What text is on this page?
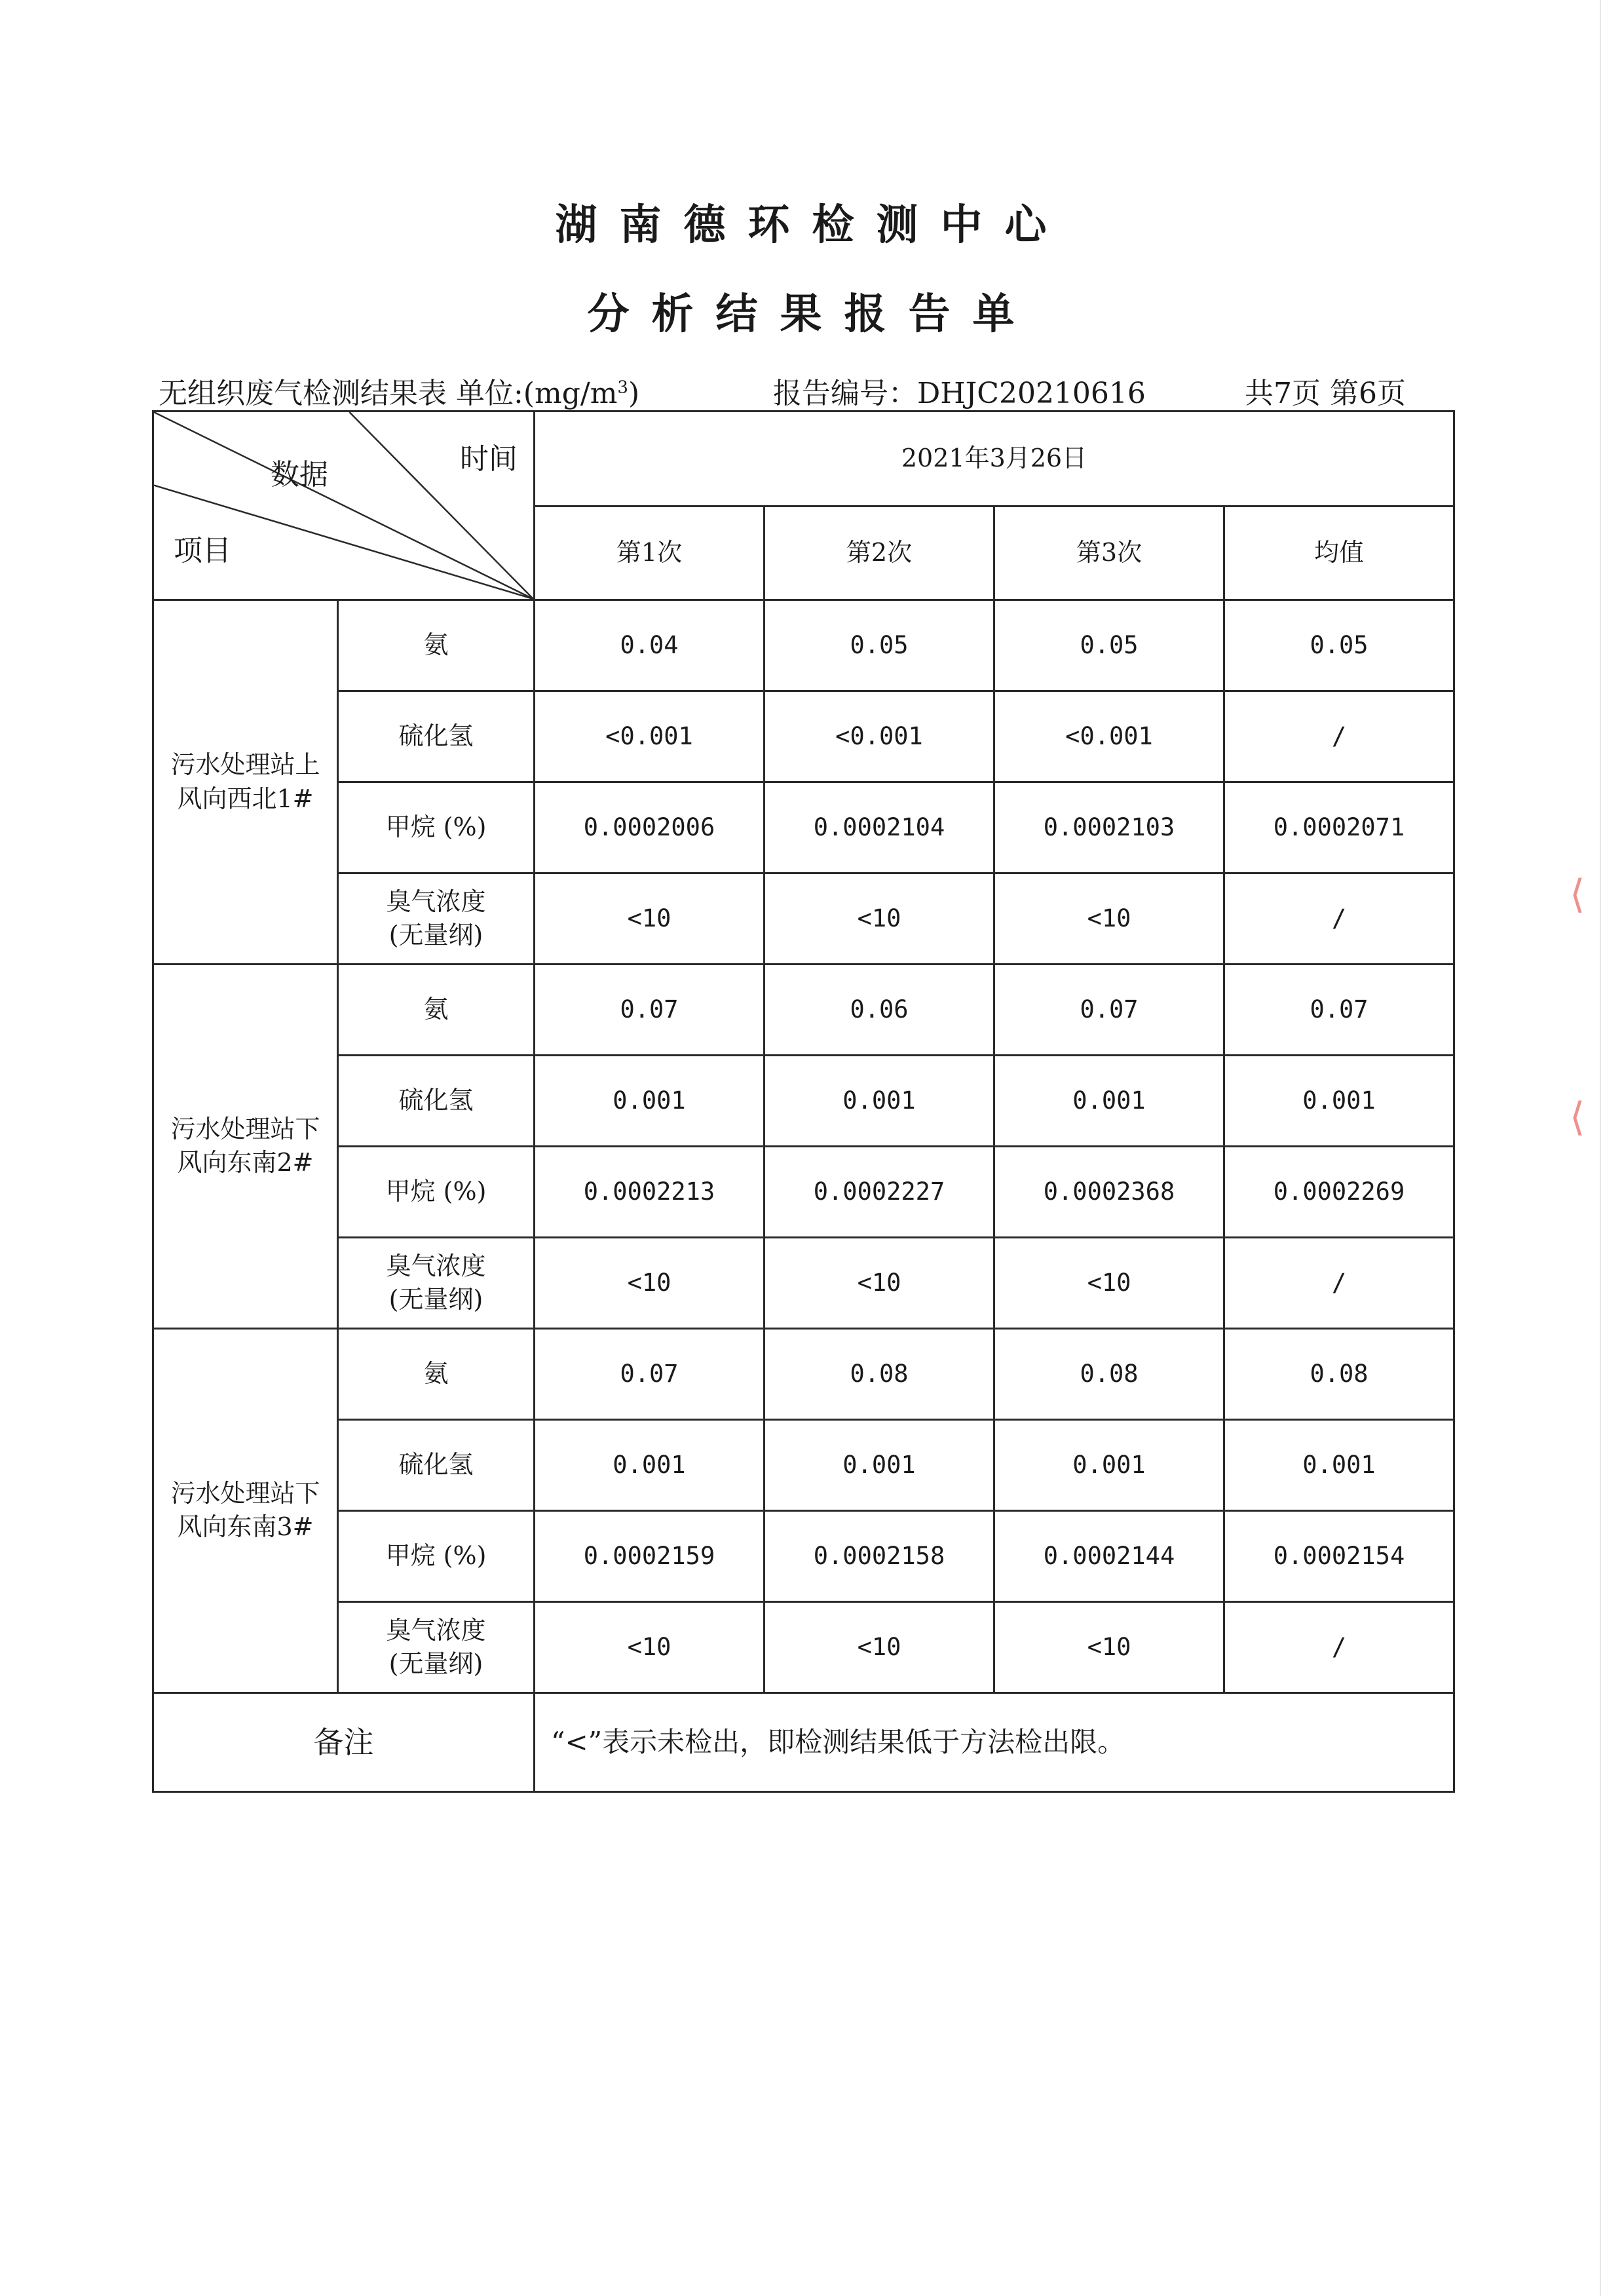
湖南德环检测中心
分析结果报告单
无组织废气检测结果表 单位$:(mg/m^3)$	报告编号：DHJC20210616	共7页 第6页
时间
数据
项目		2021年3月26日			
		第1次	第2次	第3次	均值

污水处理站上
风向西北1#	氨	0.04	0.05	0.05	0.05

	硫化氢	<0.001	<0.001	<0.001	/

	甲烷 (%)	0.0002006	0.0002104	0.0002103	0.0002071

	臭气浓度
(无量纲)	<10	<10	<10	/

污水处理站下
风向东南2#	氨	0.07	0.06	0.07	0.07

	硫化氢	0.001	0.001	0.001	0.001

	甲烷 (%)	0.0002213	0.0002227	0.0002368	0.0002269

	臭气浓度
(无量纲)	<10	<10	<10	/

污水处理站下
风向东南3#	氨	0.07	0.08	0.08	0.08

	硫化氢	0.001	0.001	0.001	0.001

	甲烷 (%)	0.0002159	0.0002158	0.0002144	0.0002154

	臭气浓度
(无量纲)	<10	<10	<10	/
备注		“<”表示未检出，即检测结果低于方法检出限。			
⟨
⟨
